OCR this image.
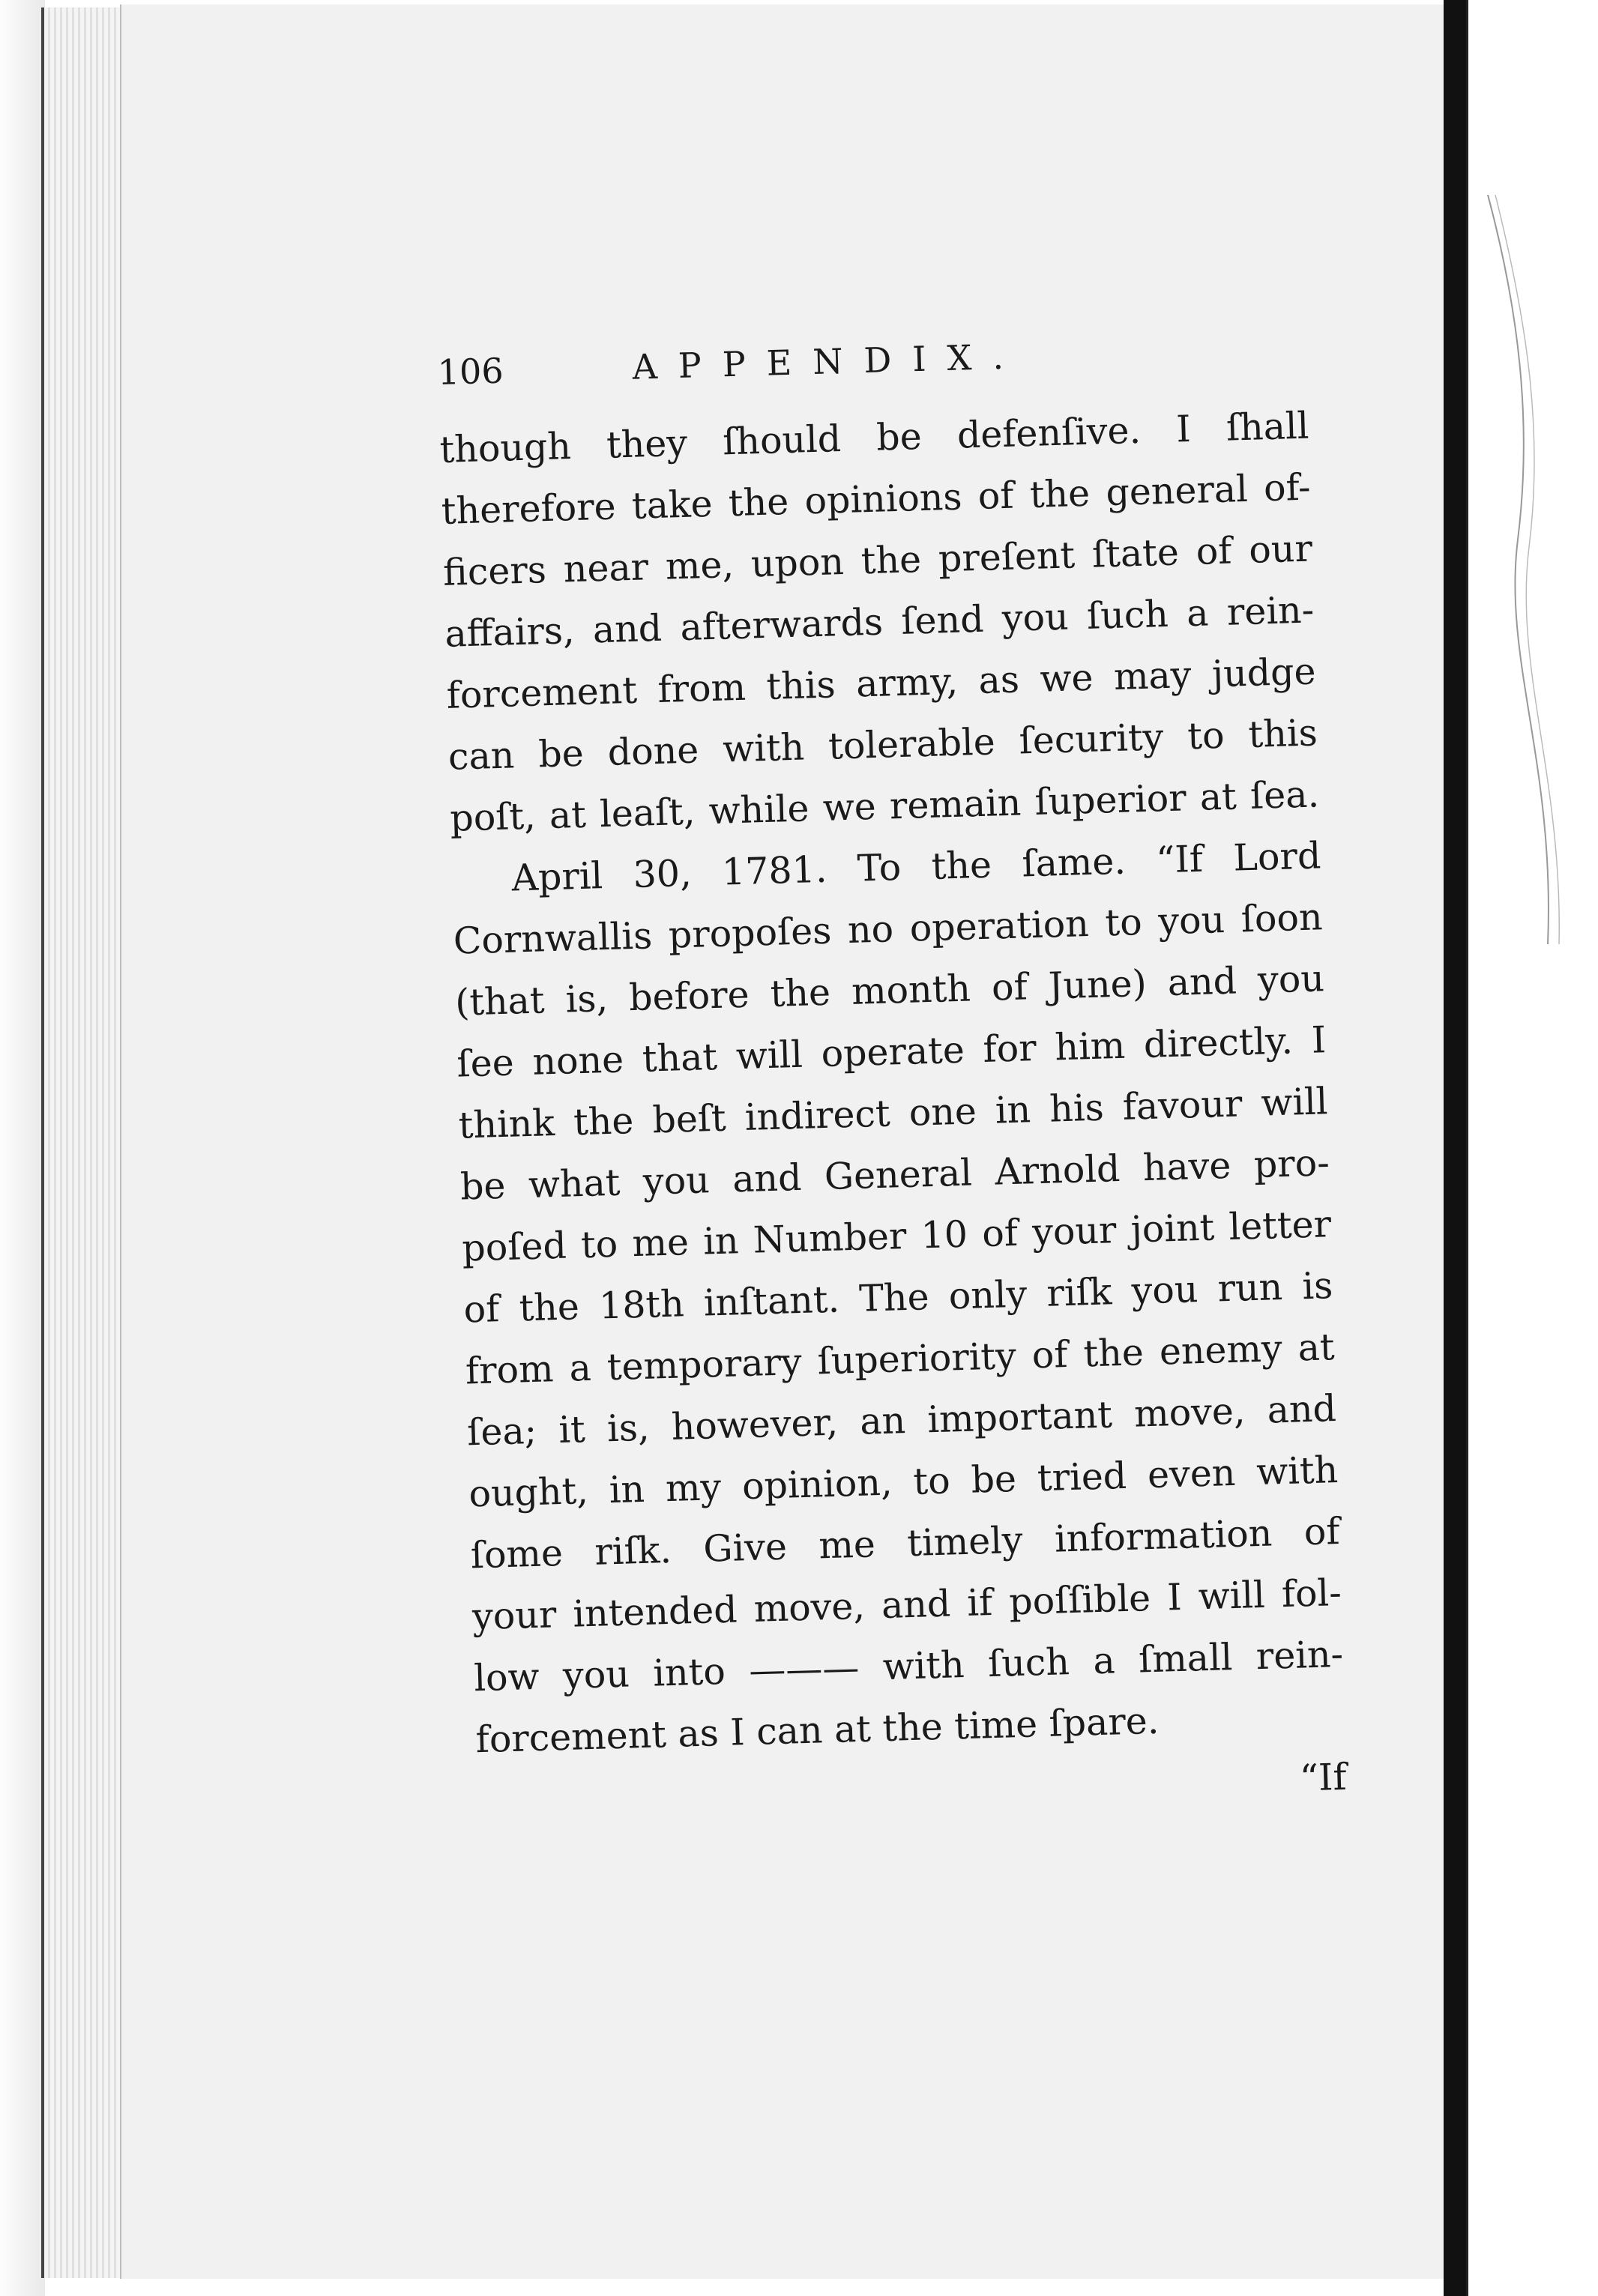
106	APPENDIX.
though they ſhould be defenſive. I ſhall
therefore take the opinions of the general of-
ficers near me, upon the preſent ſtate of our
affairs, and afterwards ſend you ſuch a rein-
forcement from this army, as we may judge
can be done with tolerable ſecurity to this
poſt, at leaſt, while we remain ſuperior at ſea.
April 30, 1781. To the ſame. “If Lord
Cornwallis propoſes no operation to you ſoon
(that is, before the month of June) and you
ſee none that will operate for him directly. I
think the beſt indirect one in his favour will
be what you and General Arnold have pro-
poſed to me in Number 10 of your joint letter
of the 18th inſtant. The only riſk you run is
from a temporary ſuperiority of the enemy at
ſea; it is, however, an important move, and
ought, in my opinion, to be tried even with
ſome riſk. Give me timely information of
your intended move, and if poſſible I will fol-
low you into ——— with ſuch a ſmall rein-
forcement as I can at the time ſpare.
“If
